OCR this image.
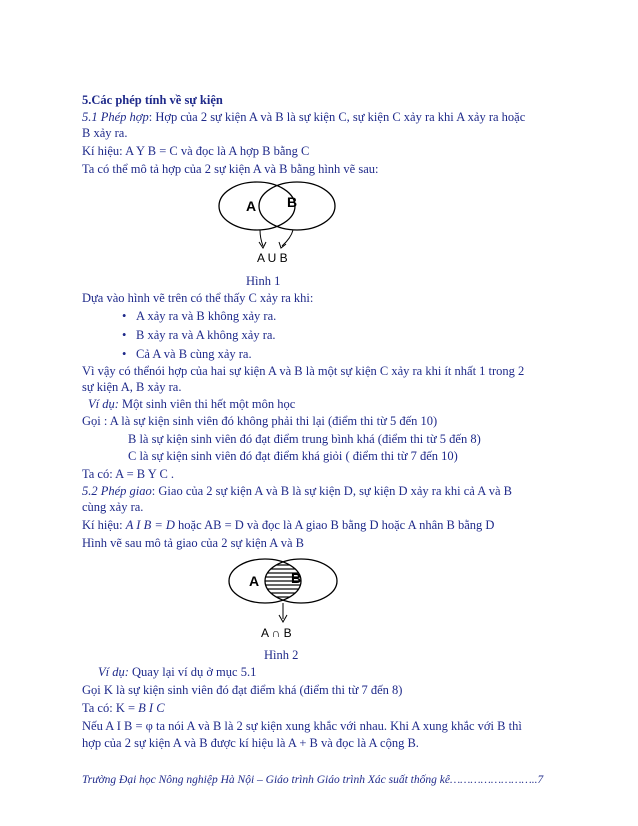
5.Các phép tính về sự kiện
5.1 Phép hợp: Hợp của 2 sự kiện A và B là sự kiện C, sự kiện C xảy ra khi A xảy ra hoặc
B xảy ra.
Kí hiệu: A Y B = C và đọc là A hợp B bằng C
Ta có thể mô tả hợp của 2 sự kiện A và B bằng hình vẽ sau:
A B
A U B
Hình 1
Dựa vào hình vẽ trên có thể thấy C xảy ra khi:
• A xảy ra và B không xảy ra.
• B xảy ra và A không xảy ra.
• Cả A và B cùng xảy ra.
Vì vậy có thểnói hợp của hai sự kiện A và B là một sự kiện C xảy ra khi ít nhất 1 trong 2
sự kiện A, B xảy ra.
Ví dụ: Một sinh viên thi hết một môn học
Gọi : A là sự kiện sinh viên đó không phải thi lại (điểm thi từ 5 đến 10)
B là sự kiện sinh viên đó đạt điểm trung bình khá (điểm thi từ 5 đến 8)
C là sự kiện sinh viên đó đạt điểm khá giỏi ( điểm thi từ 7 đến 10)
Ta có: A = B Y C .
5.2 Phép giao: Giao của 2 sự kiện A và B là sự kiện D, sự kiện D xảy ra khi cả A và B
cùng xảy ra.
Kí hiệu: A I B = D hoặc AB = D và đọc là A giao B bằng D hoặc A nhân B bằng D
Hình vẽ sau mô tả giao của 2 sự kiện A và B
A B
A ∩ B
Hình 2
Ví dụ: Quay lại ví dụ ở mục 5.1
Gọi K là sự kiện sinh viên đó đạt điểm khá (điểm thi từ 7 đến 8)
Ta có: K = B I C
Nếu A I B = φ ta nói A và B là 2 sự kiện xung khắc với nhau. Khi A xung khắc với B thì
hợp của 2 sự kiện A và B được kí hiệu là A + B và đọc là A cộng B.
Trường Đại học Nông nghiệp Hà Nội – Giáo trình Giáo trình Xác suất thống kê……………………..7
